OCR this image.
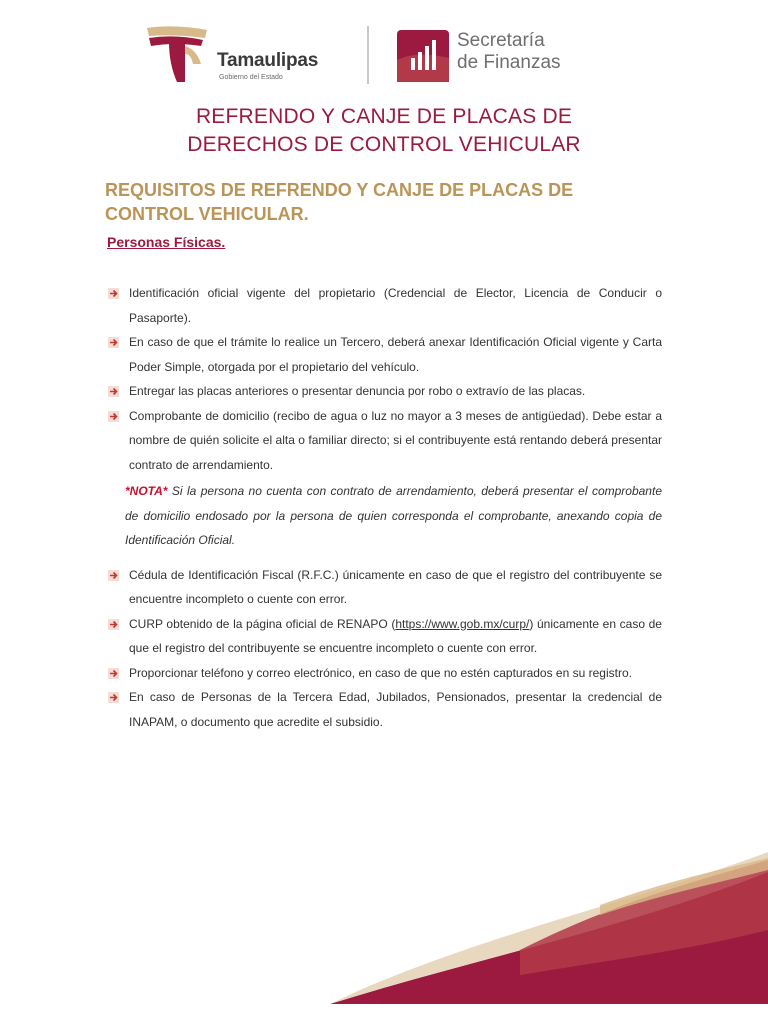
Tamaulipas
Gobierno del Estado
Secretaría
de Finanzas
REFRENDO Y CANJE DE PLACAS DE
DERECHOS DE CONTROL VEHICULAR
REQUISITOS DE REFRENDO Y CANJE DE PLACAS DE
CONTROL VEHICULAR.
Personas Físicas.
Identificación oficial vigente del propietario (Credencial de Elector, Licencia de Conducir o Pasaporte).
En caso de que el trámite lo realice un Tercero, deberá anexar Identificación Oficial vigente y Carta Poder Simple, otorgada por el propietario del vehículo.
Entregar las placas anteriores o presentar denuncia por robo o extravío de las placas.
Comprobante de domicilio (recibo de agua o luz no mayor a 3 meses de antigüedad). Debe estar a nombre de quién solicite el alta o familiar directo; si el contribuyente está rentando deberá presentar contrato de arrendamiento.
*NOTA* Si la persona no cuenta con contrato de arrendamiento, deberá presentar el comprobante de domicilio endosado por la persona de quien corresponda el comprobante, anexando copia de Identificación Oficial.
Cédula de Identificación Fiscal (R.F.C.) únicamente en caso de que el registro del contribuyente se encuentre incompleto o cuente con error.
CURP obtenido de la página oficial de RENAPO (https://www.gob.mx/curp/) únicamente en caso de que el registro del contribuyente se encuentre incompleto o cuente con error.
Proporcionar teléfono y correo electrónico, en caso de que no estén capturados en su registro.
En caso de Personas de la Tercera Edad, Jubilados, Pensionados, presentar la credencial de INAPAM, o documento que acredite el subsidio.
